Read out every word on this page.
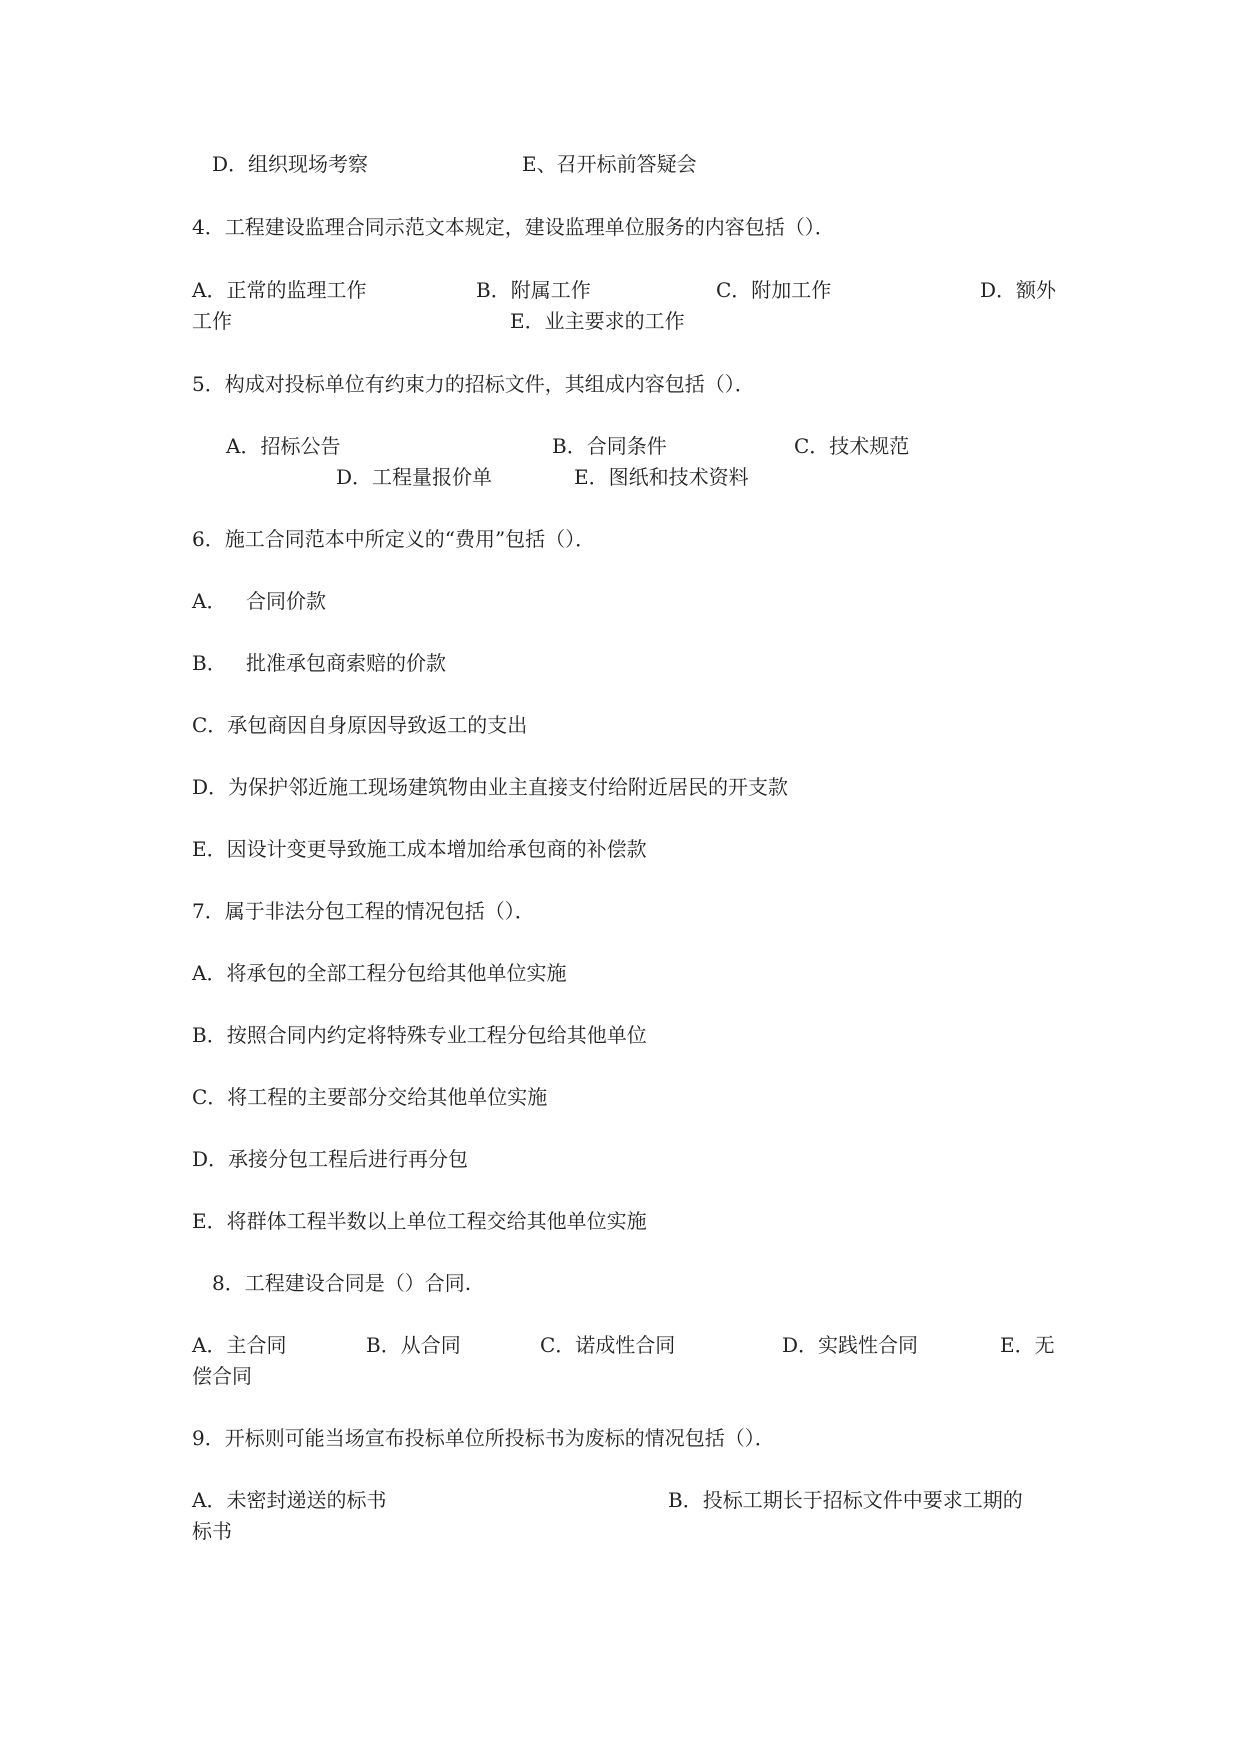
D．组织现场考察	E、召开标前答疑会
4．工程建设监理合同示范文本规定，建设监理单位服务的内容包括（）．
A．正常的监理工作	B．附属工作	C．附加工作	D．额外
工作	E．业主要求的工作
5．构成对投标单位有约束力的招标文件，其组成内容包括（）．
A．招标公告	B．合同条件	C．技术规范
D．工程量报价单	E．图纸和技术资料
6．施工合同范本中所定义的“费用”包括（）．
A． 合同价款
B． 批准承包商索赔的价款
C．承包商因自身原因导致返工的支出
D．为保护邻近施工现场建筑物由业主直接支付给附近居民的开支款
E．因设计变更导致施工成本增加给承包商的补偿款
7．属于非法分包工程的情况包括（）．
A．将承包的全部工程分包给其他单位实施
B．按照合同内约定将特殊专业工程分包给其他单位
C．将工程的主要部分交给其他单位实施
D．承接分包工程后进行再分包
E．将群体工程半数以上单位工程交给其他单位实施
8．工程建设合同是（）合同.
A．主合同	B．从合同	C．诺成性合同	D．实践性合同	E．无
偿合同
9．开标则可能当场宣布投标单位所投标书为废标的情况包括（）．
A．未密封递送的标书	B．投标工期长于招标文件中要求工期的
标书
